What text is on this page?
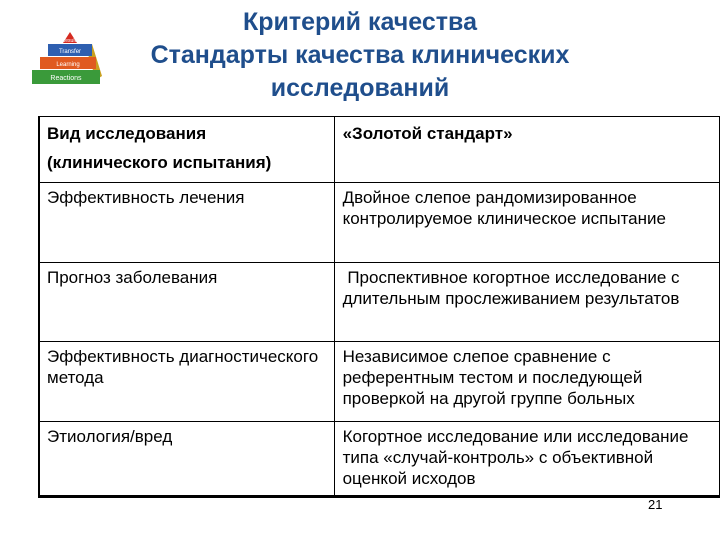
Results
Transfer
Learning
Reactions
Критерий качества
Стандарты качества клинических
исследований
Вид исследования (клинического испытания)	«Золотой стандарт»
Эффективность лечения	Двойное слепое рандомизированное контролируемое клиническое испытание
Прогноз заболевания	Проспективное когортное исследование с длительным прослеживанием результатов
Эффективность диагностического метода	Независимое слепое сравнение с референтным тестом и последующей проверкой на другой группе больных
Этиология/вред	Когортное исследование или исследование типа «случай-контроль» с объективной оценкой исходов
21
